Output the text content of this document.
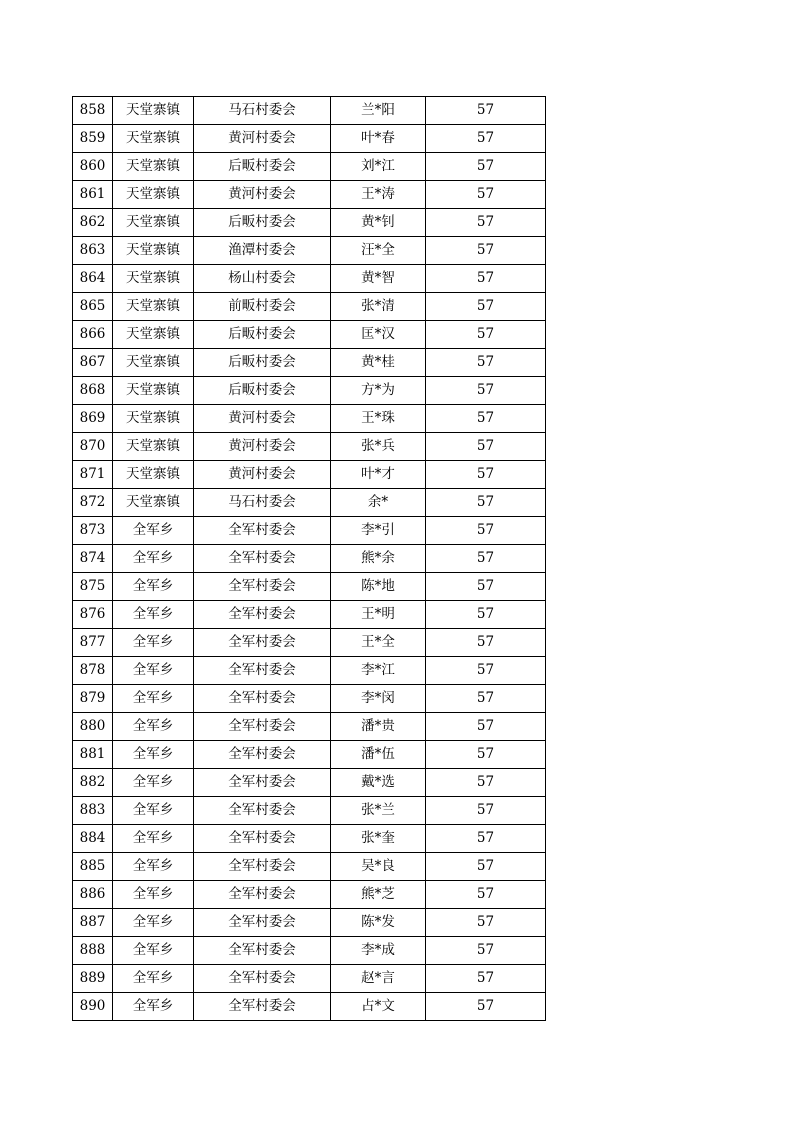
858	天堂寨镇	马石村委会	兰*阳	57
859	天堂寨镇	黄河村委会	叶*春	57
860	天堂寨镇	后畈村委会	刘*江	57
861	天堂寨镇	黄河村委会	王*涛	57
862	天堂寨镇	后畈村委会	黄*钊	57
863	天堂寨镇	渔潭村委会	汪*全	57
864	天堂寨镇	杨山村委会	黄*智	57
865	天堂寨镇	前畈村委会	张*清	57
866	天堂寨镇	后畈村委会	匡*汉	57
867	天堂寨镇	后畈村委会	黄*桂	57
868	天堂寨镇	后畈村委会	方*为	57
869	天堂寨镇	黄河村委会	王*珠	57
870	天堂寨镇	黄河村委会	张*兵	57
871	天堂寨镇	黄河村委会	叶*才	57
872	天堂寨镇	马石村委会	余*	57
873	全军乡	全军村委会	李*引	57
874	全军乡	全军村委会	熊*余	57
875	全军乡	全军村委会	陈*地	57
876	全军乡	全军村委会	王*明	57
877	全军乡	全军村委会	王*全	57
878	全军乡	全军村委会	李*江	57
879	全军乡	全军村委会	李*闵	57
880	全军乡	全军村委会	潘*贵	57
881	全军乡	全军村委会	潘*伍	57
882	全军乡	全军村委会	戴*选	57
883	全军乡	全军村委会	张*兰	57
884	全军乡	全军村委会	张*奎	57
885	全军乡	全军村委会	吴*良	57
886	全军乡	全军村委会	熊*芝	57
887	全军乡	全军村委会	陈*发	57
888	全军乡	全军村委会	李*成	57
889	全军乡	全军村委会	赵*言	57
890	全军乡	全军村委会	占*文	57
